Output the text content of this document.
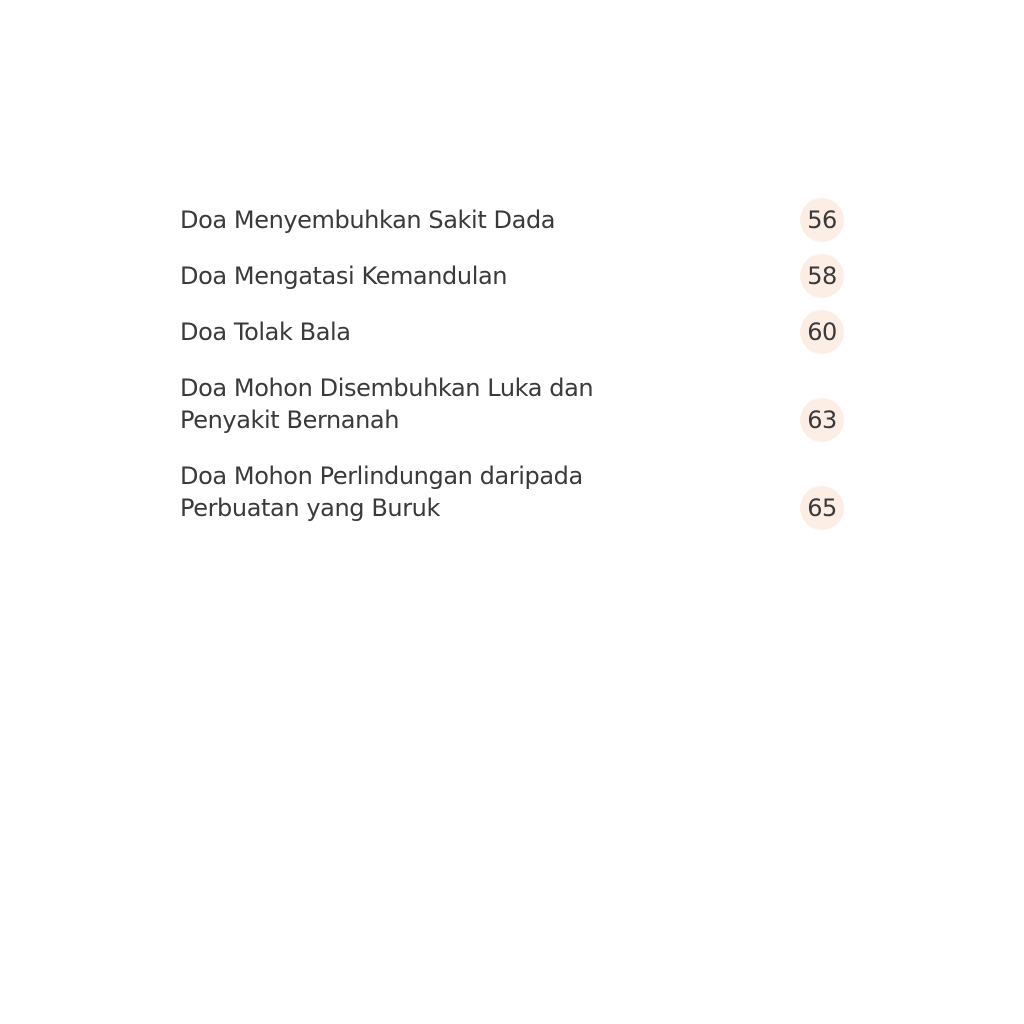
Doa Menyembuhkan Sakit Dada	56
Doa Mengatasi Kemandulan	58
Doa Tolak Bala	60
Doa Mohon Disembuhkan Luka dan
Penyakit Bernanah	63
Doa Mohon Perlindungan daripada
Perbuatan yang Buruk	65
